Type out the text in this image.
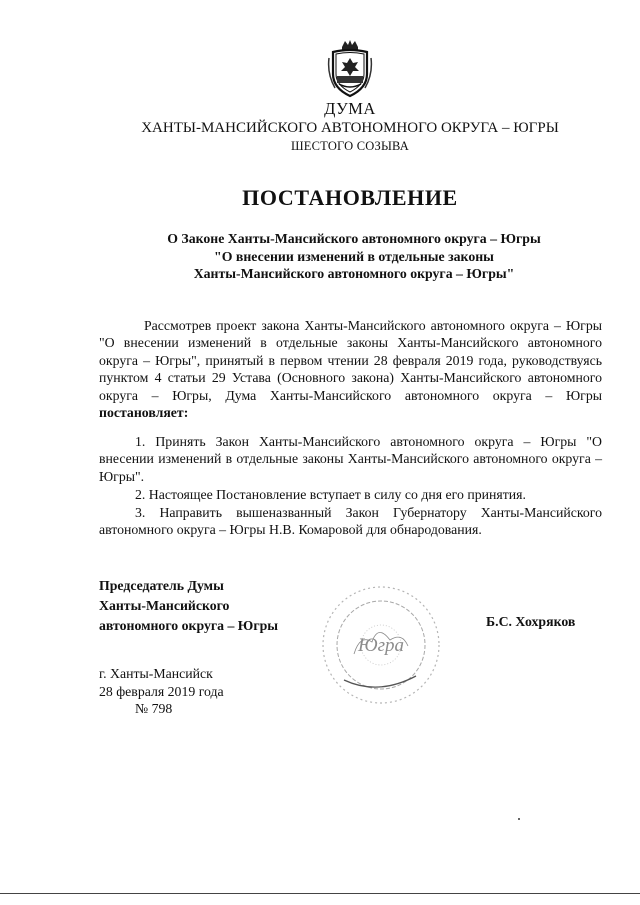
ДУМА
ХАНТЫ-МАНСИЙСКОГО АВТОНОМНОГО ОКРУГА – ЮГРЫ
ШЕСТОГО СОЗЫВА
ПОСТАНОВЛЕНИЕ
О Законе Ханты-Мансийского автономного округа – Югры
"О внесении изменений в отдельные законы
Ханты-Мансийского автономного округа – Югры"
Рассмотрев проект закона Ханты-Мансийского автономного округа – Югры "О внесении изменений в отдельные законы Ханты-Мансийского автономного округа – Югры", принятый в первом чтении 28 февраля 2019 года, руководствуясь пунктом 4 статьи 29 Устава (Основного закона) Ханты-Мансийского автономного округа – Югры, Дума Ханты-Мансийского автономного округа – Югры постановляет:
1. Принять Закон Ханты-Мансийского автономного округа – Югры "О внесении изменений в отдельные законы Ханты-Мансийского автономного округа – Югры".
2. Настоящее Постановление вступает в силу со дня его принятия.
3. Направить вышеназванный Закон Губернатору Ханты-Мансийского автономного округа – Югры Н.В. Комаровой для обнародования.
Председатель Думы
Ханты-Мансийского
автономного округа – Югры
Югра
Б.С. Хохряков
г. Ханты-Мансийск
28 февраля 2019 года
№ 798
